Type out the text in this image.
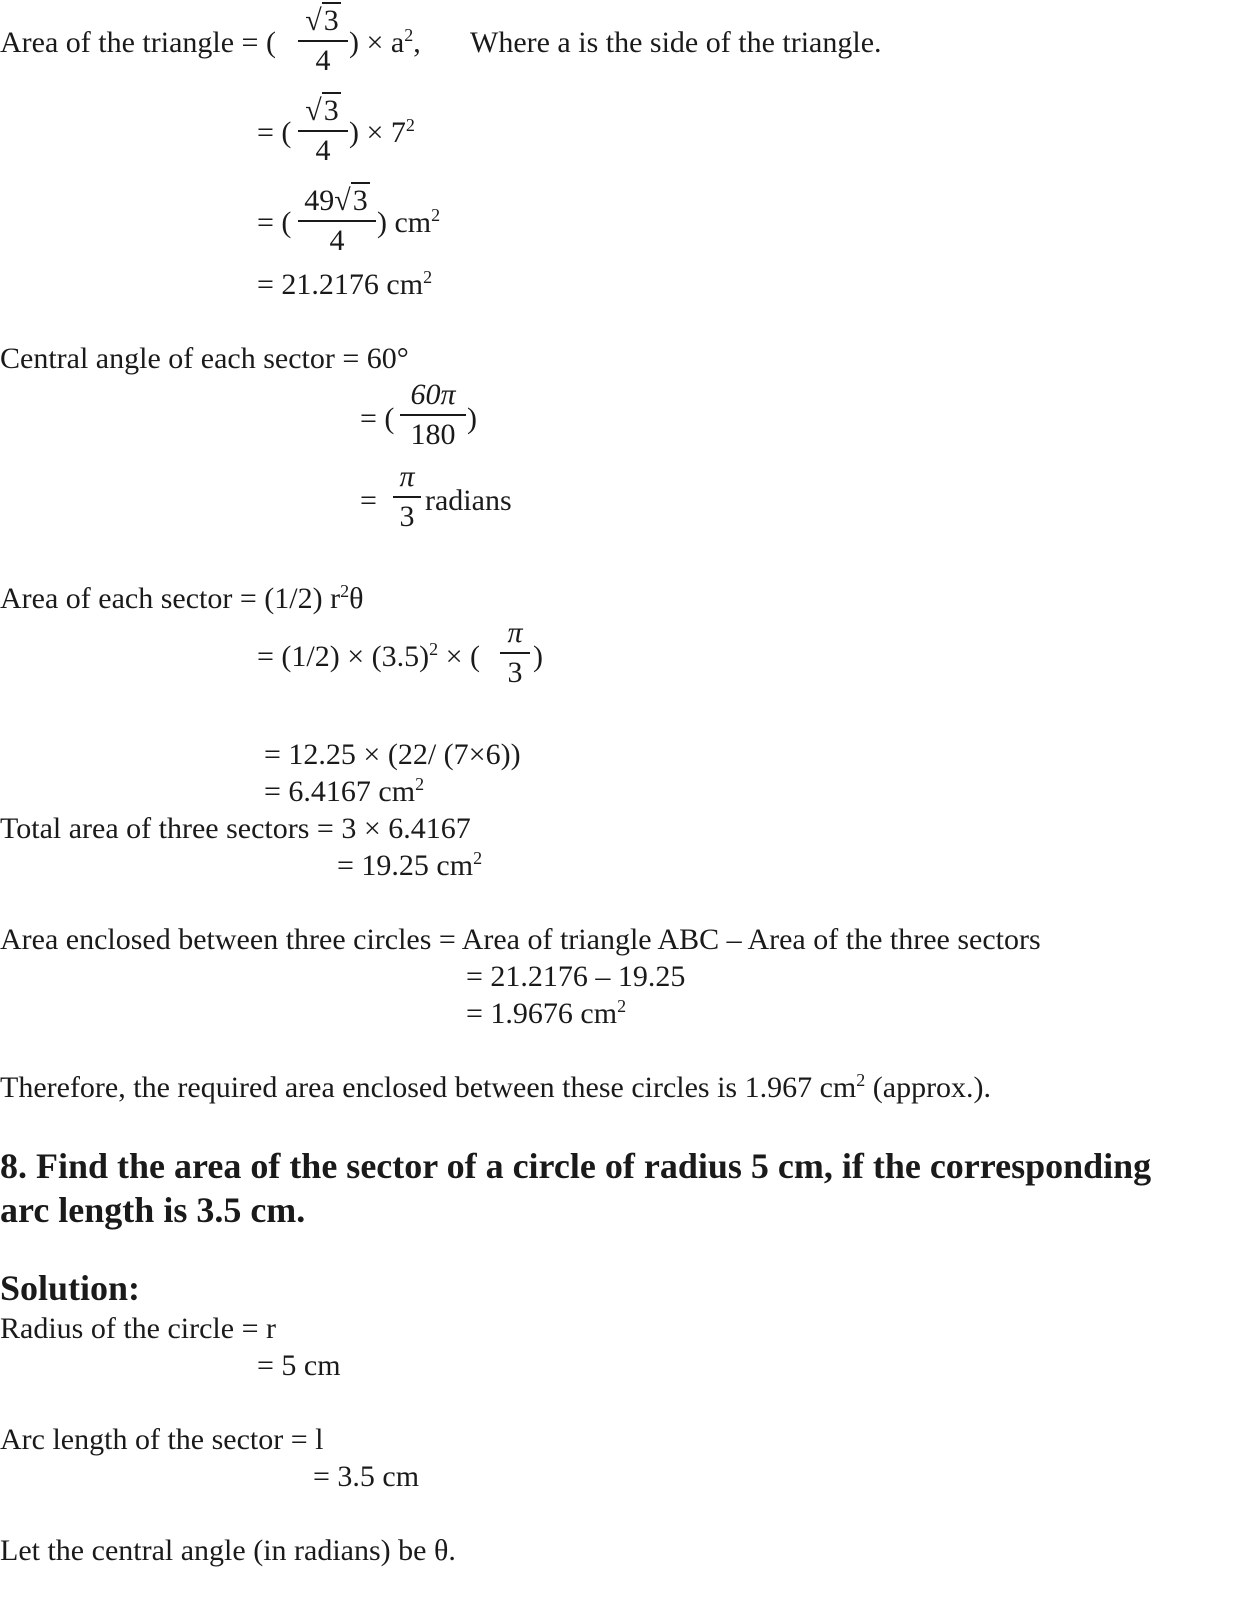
Area of the triangle = (
√3
4
) × $a^2$, Where a is the side of the triangle.
= (
√3
4
) × $7^2$
= (
49√3
4
) $cm^2$
= 21.2176 $cm^2$
Central angle of each sector = 60°
= (
60π
180 )
=
π
3 radians
Area of each sector = (1/2) $r^2\theta$
= $(1/2) \times (3.5)^2$ × (
π
3 )
= 12.25 × (22/ (7×6))
= 6.4167 $cm^2$
Total area of three sectors = 3 × 6.4167
= 19.25 $cm^2$
Area enclosed between three circles = Area of triangle ABC – Area of the three sectors
= 21.2176 – 19.25
= 1.9676 $cm^2$
Therefore, the required area enclosed between these circles is 1.967 $cm^2$ (approx.).
8. Find the area of the sector of a circle of radius 5 cm, if the corresponding
arc length is 3.5 cm.
Solution:
Radius of the circle = r
= 5 cm
Arc length of the sector = l
= 3.5 cm
Let the central angle (in radians) be θ.
